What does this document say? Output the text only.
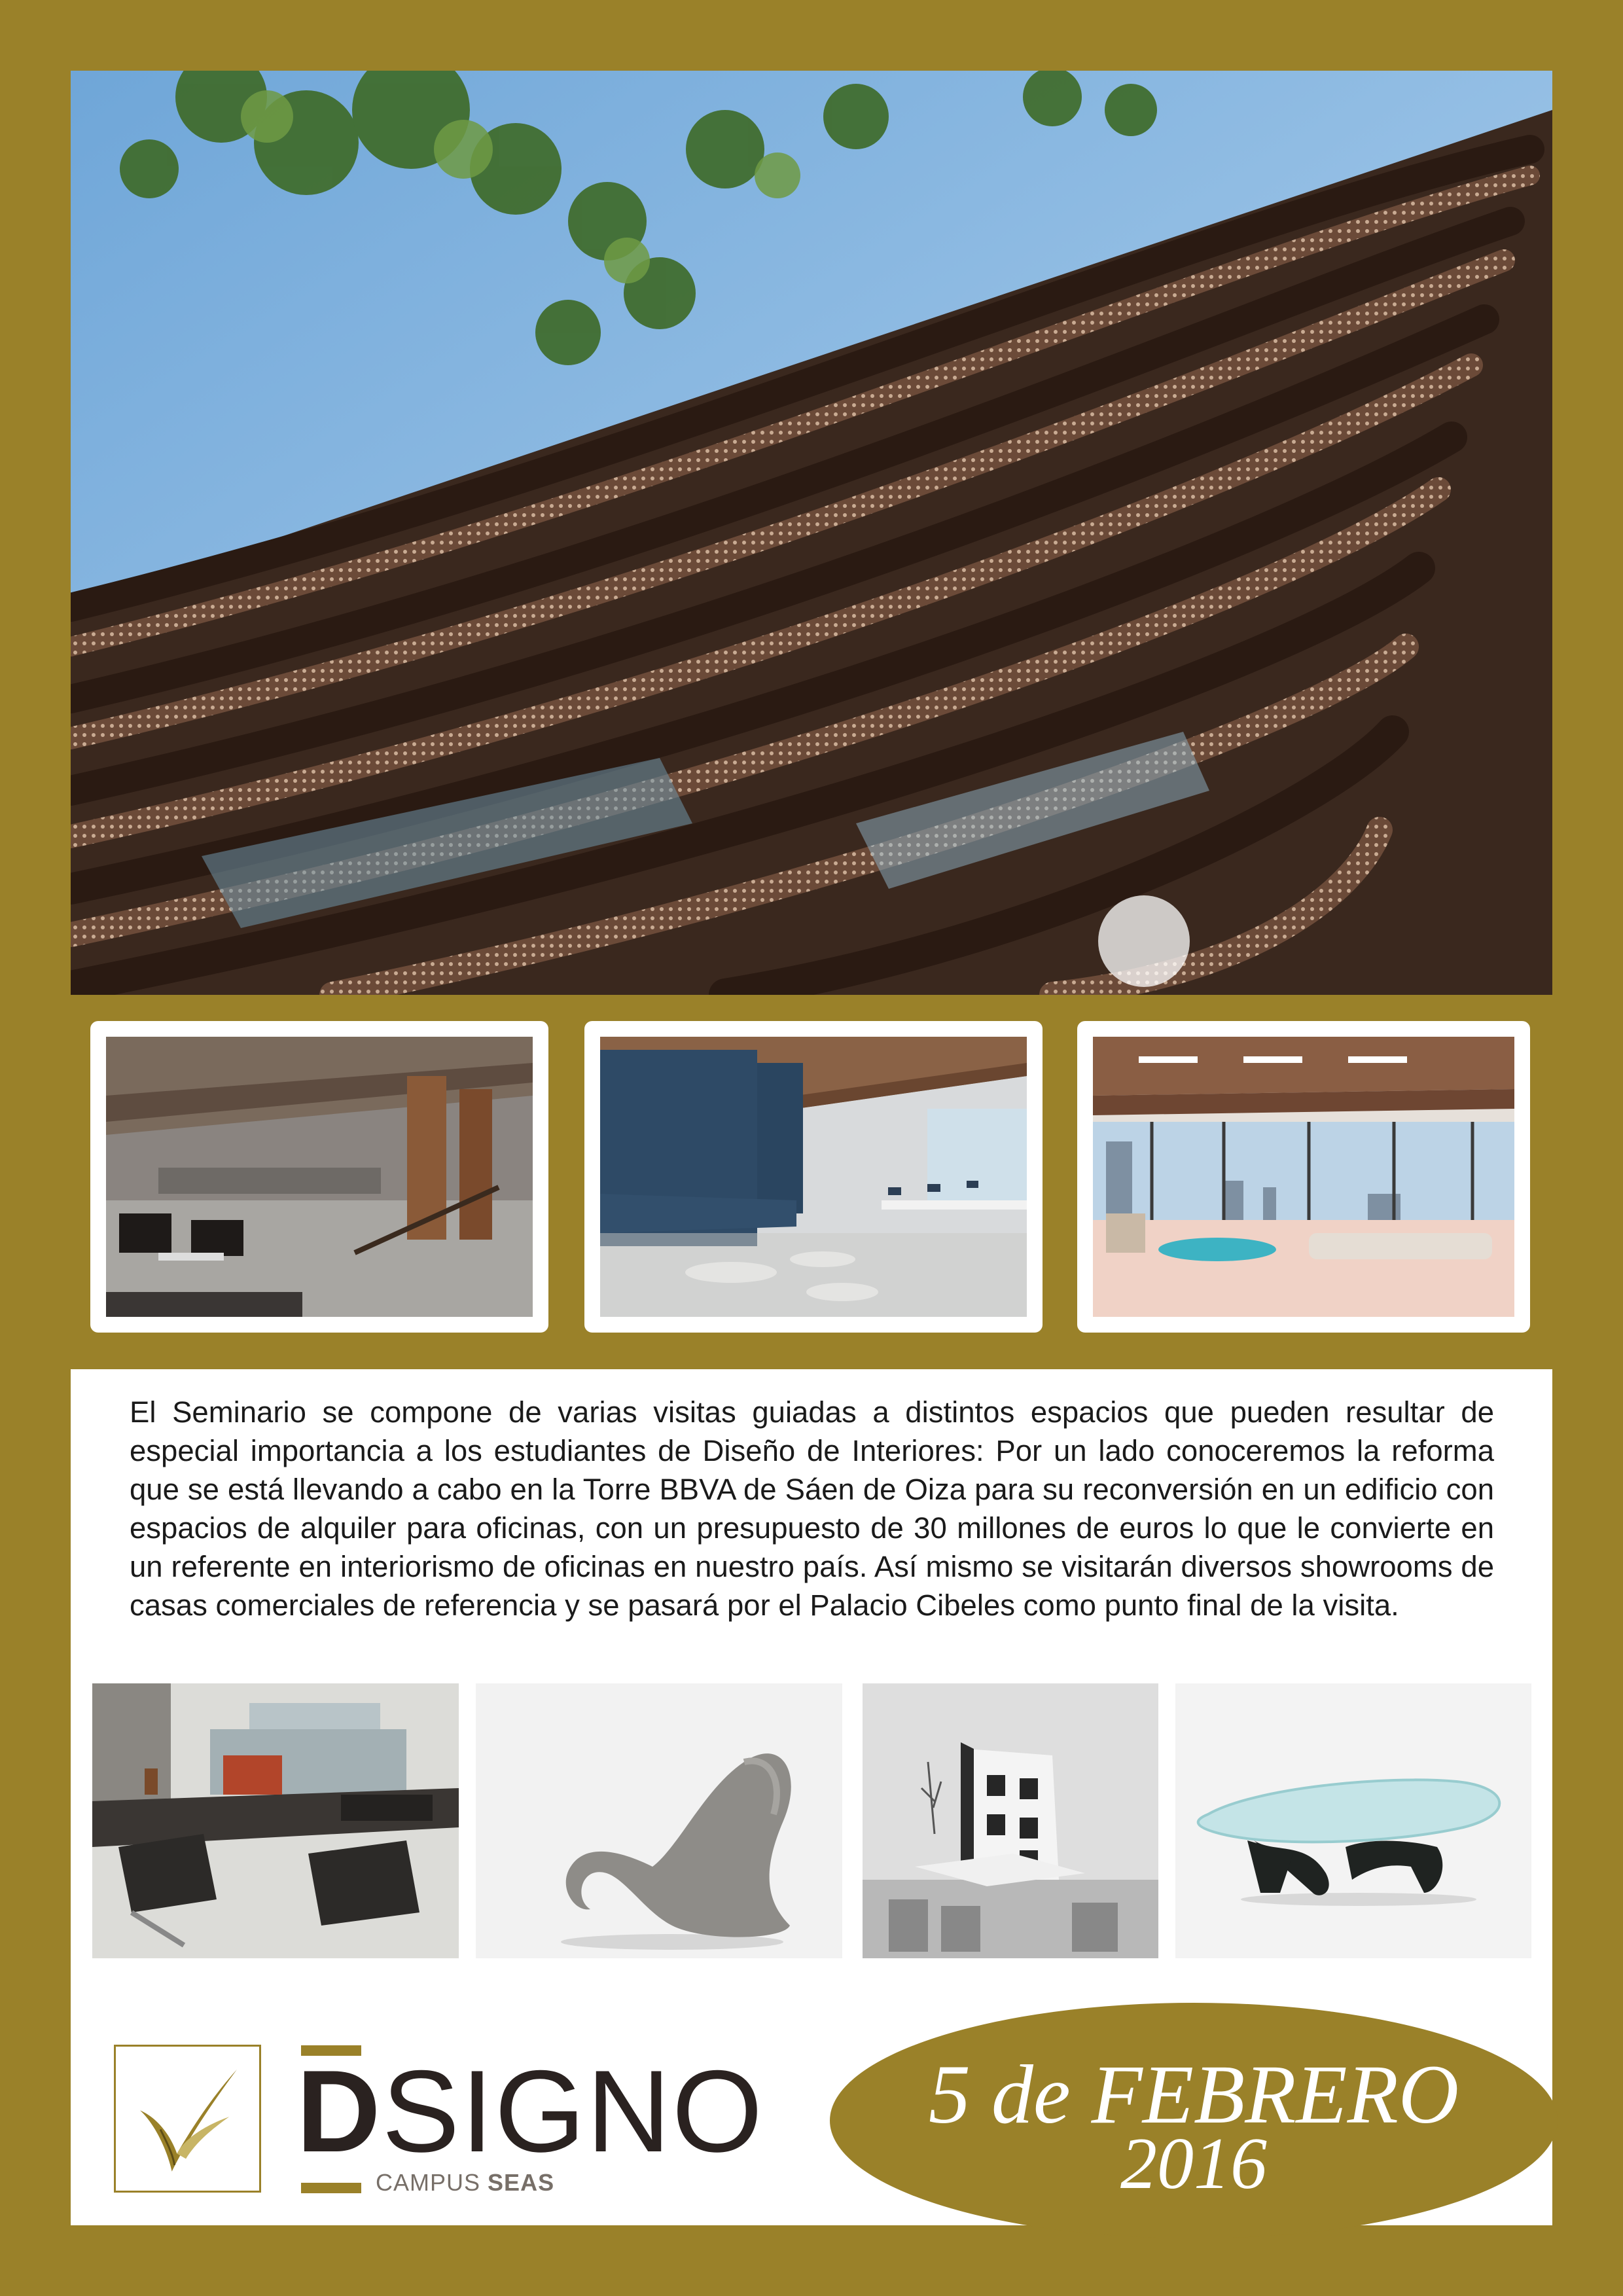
El Seminario se compone de varias visitas guiadas a distintos espacios que pueden resultar de especial importancia a los estudiantes de Diseño de Interiores: Por un lado conoceremos la reforma que se está llevando a cabo en la Torre BBVA de Sáen de Oiza para su reconversión en un edificio con espacios de alquiler para oficinas, con un presupuesto de 30 millones de euros lo que le convierte en un referente en interiorismo de oficinas en nuestro país. Así mismo se visitarán diversos showrooms de casas comerciales de referencia y se pasará por el Palacio Cibeles como punto final de la visita.

DSIGNO
CAMPUS SEAS
5 de FEBRERO
2016
